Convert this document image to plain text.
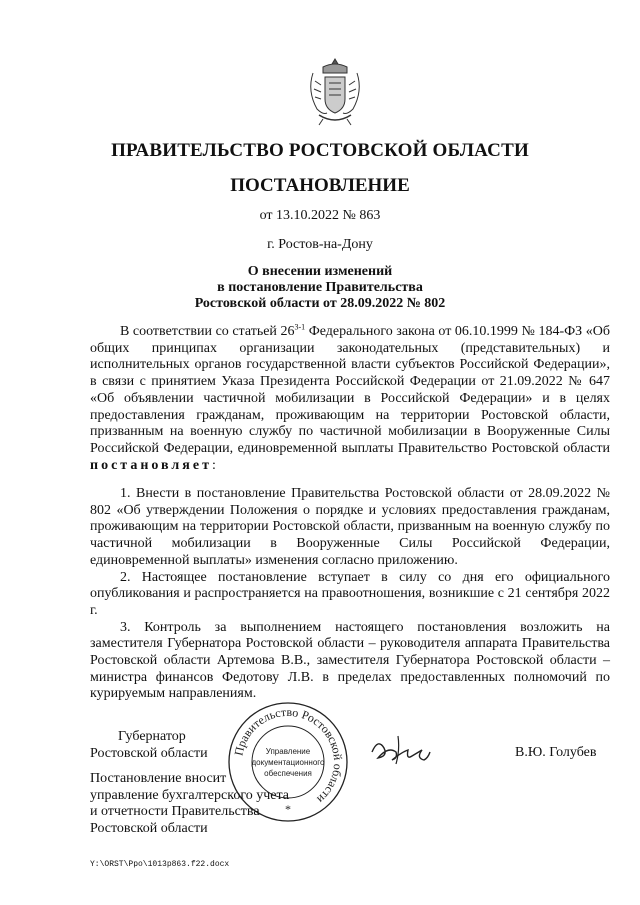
ПРАВИТЕЛЬСТВО РОСТОВСКОЙ ОБЛАСТИ
ПОСТАНОВЛЕНИЕ
от 13.10.2022 № 863
г. Ростов-на-Дону
О внесении изменений
в постановление Правительства
Ростовской области от 28.09.2022 № 802
В соответствии со статьей 26$^{3-1}$ Федерального закона от 06.10.1999 № 184-ФЗ «Об общих принципах организации законодательных (представительных) и исполнительных органов государственной власти субъектов Российской Федерации», в связи с принятием Указа Президента Российской Федерации от 21.09.2022 № 647 «Об объявлении частичной мобилизации в Российской Федерации» и в целях предоставления гражданам, проживающим на территории Ростовской области, призванным на военную службу по частичной мобилизации в Вооруженные Силы Российской Федерации, единовременной выплаты Правительство Ростовской области постановляет:
1. Внести в постановление Правительства Ростовской области от 28.09.2022 № 802 «Об утверждении Положения о порядке и условиях предоставления гражданам, проживающим на территории Ростовской области, призванным на военную службу по частичной мобилизации в Вооруженные Силы Российской Федерации, единовременной выплаты» изменения согласно приложению.
2. Настоящее постановление вступает в силу со дня его официального опубликования и распространяется на правоотношения, возникшие с 21 сентября 2022 г.
3. Контроль за выполнением настоящего постановления возложить на заместителя Губернатора Ростовской области – руководителя аппарата Правительства Ростовской области Артемова В.В., заместителя Губернатора Ростовской области – министра финансов Федотову Л.В. в пределах предоставленных полномочий по курируемым направлениям.
Губернатор
Ростовской области Правительство Ростовской области
Управление
документационного
обеспечения
*
В.Ю. Голубев
Постановление вносит
управление бухгалтерского учета
и отчетности Правительства
Ростовской области
Y:\ORST\Ppo\1013p863.f22.docx
